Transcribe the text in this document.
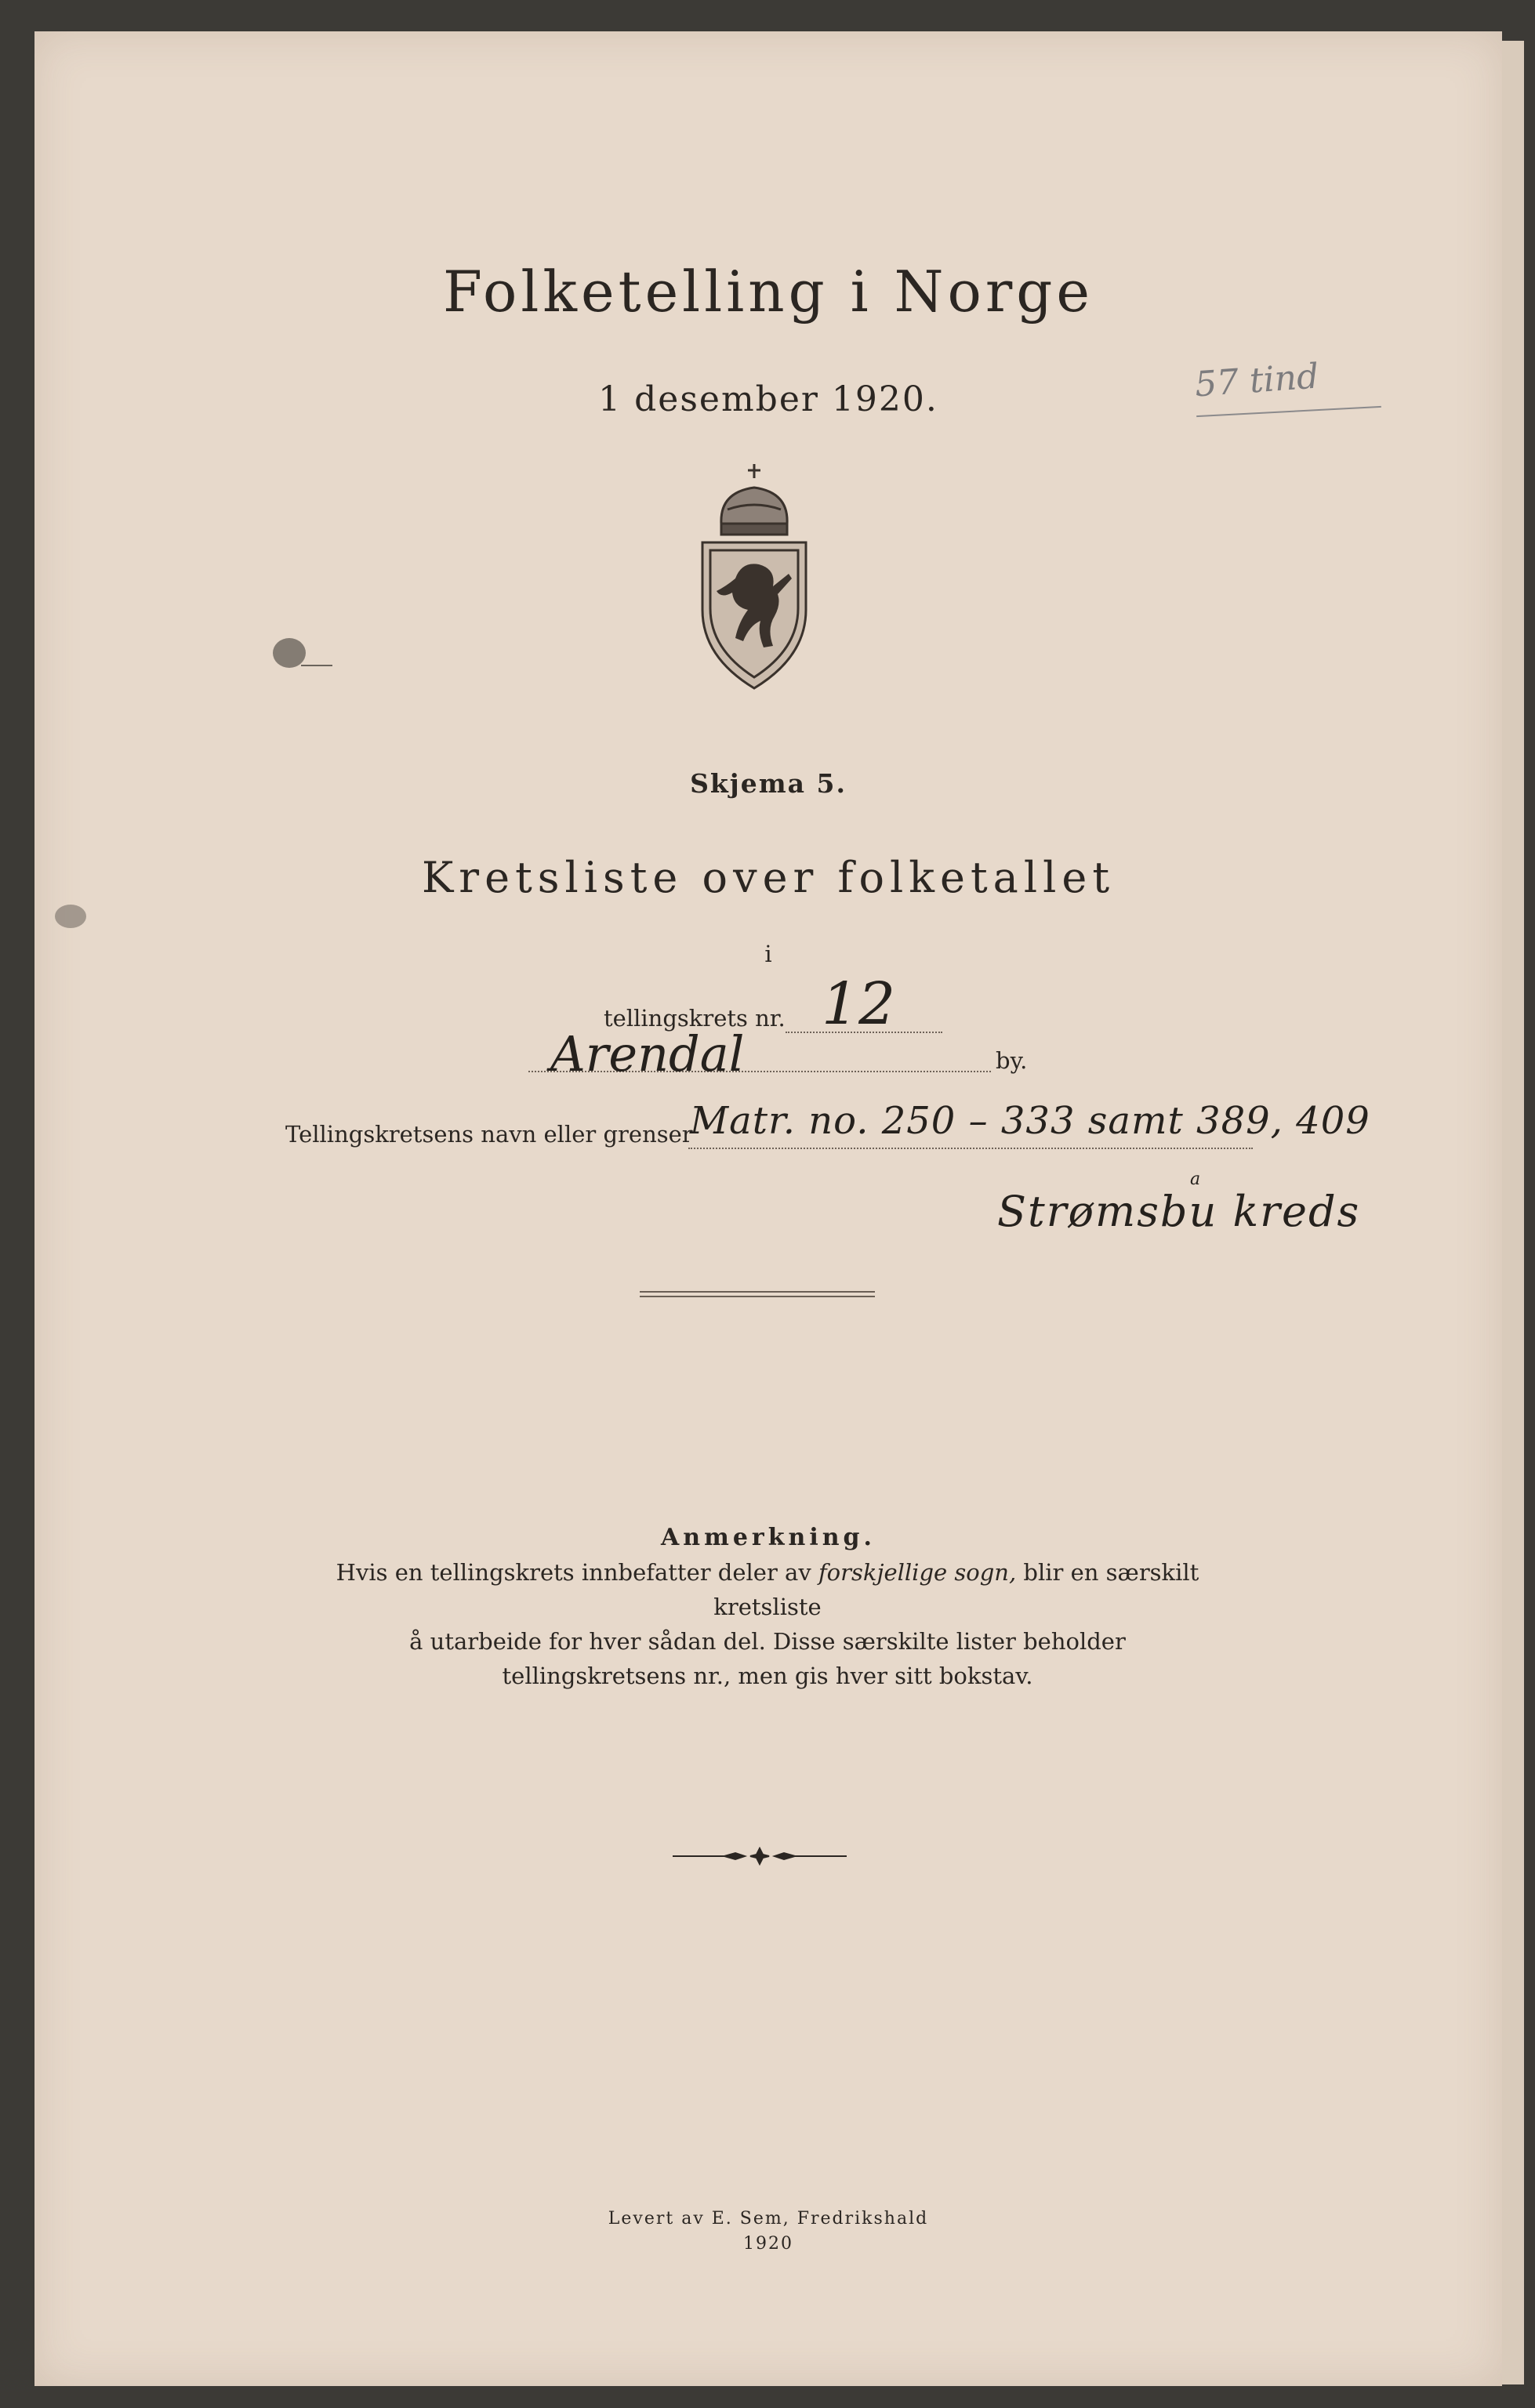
Folketelling i Norge
1 desember 1920.	57 tind
Skjema 5.
Kretsliste over folketallet
i
tellingskrets nr. 12
Arendal	by.
Tellingskretsens navn eller grenser
Matr. no. 250 – 333 samt 389, 409
a
Strømsbu kreds
Anmerkning.
Hvis en tellingskrets innbefatter deler av forskjellige sogn, blir en særskilt kretsliste
å utarbeide for hver sådan del. Disse særskilte lister beholder
tellingskretsens nr., men gis hver sitt bokstav.
Levert av E. Sem, Fredrikshald
1920
